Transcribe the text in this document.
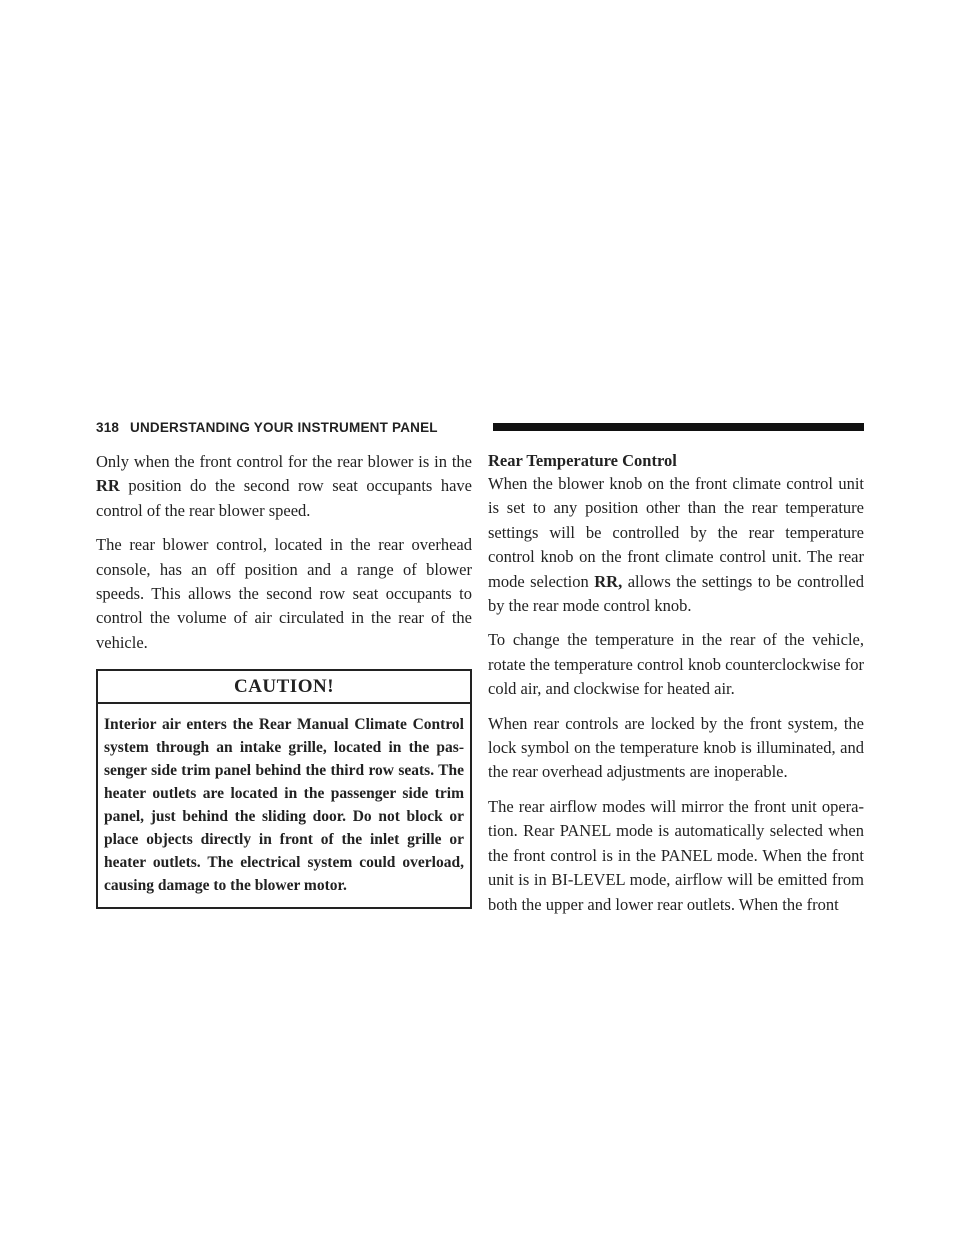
318 UNDERSTANDING YOUR INSTRUMENT PANEL

Only when the front control for the rear blower is in the RR position do the second row seat occupants have control of the rear blower speed.

The rear blower control, located in the rear overhead console, has an off position and a range of blower speeds. This allows the second row seat occupants to control the volume of air circulated in the rear of the vehicle.

CAUTION!

Interior air enters the Rear Manual Climate Control system through an intake grille, located in the pas-senger side trim panel behind the third row seats. The heater outlets are located in the passenger side trim panel, just behind the sliding door. Do not block or place objects directly in front of the inlet grille or heater outlets. The electrical system could overload, causing damage to the blower motor.

Rear Temperature Control

When the blower knob on the front climate control unit is set to any position other than the rear temperature settings will be controlled by the rear temperature control knob on the front climate control unit. The rear mode selection RR, allows the settings to be controlled by the rear mode control knob.

To change the temperature in the rear of the vehicle, rotate the temperature control knob counterclockwise for cold air, and clockwise for heated air.

When rear controls are locked by the front system, the lock symbol on the temperature knob is illuminated, and the rear overhead adjustments are inoperable.

The rear airflow modes will mirror the front unit opera-tion. Rear PANEL mode is automatically selected when the front control is in the PANEL mode. When the front unit is in BI-LEVEL mode, airflow will be emitted from both the upper and lower rear outlets. When the front
